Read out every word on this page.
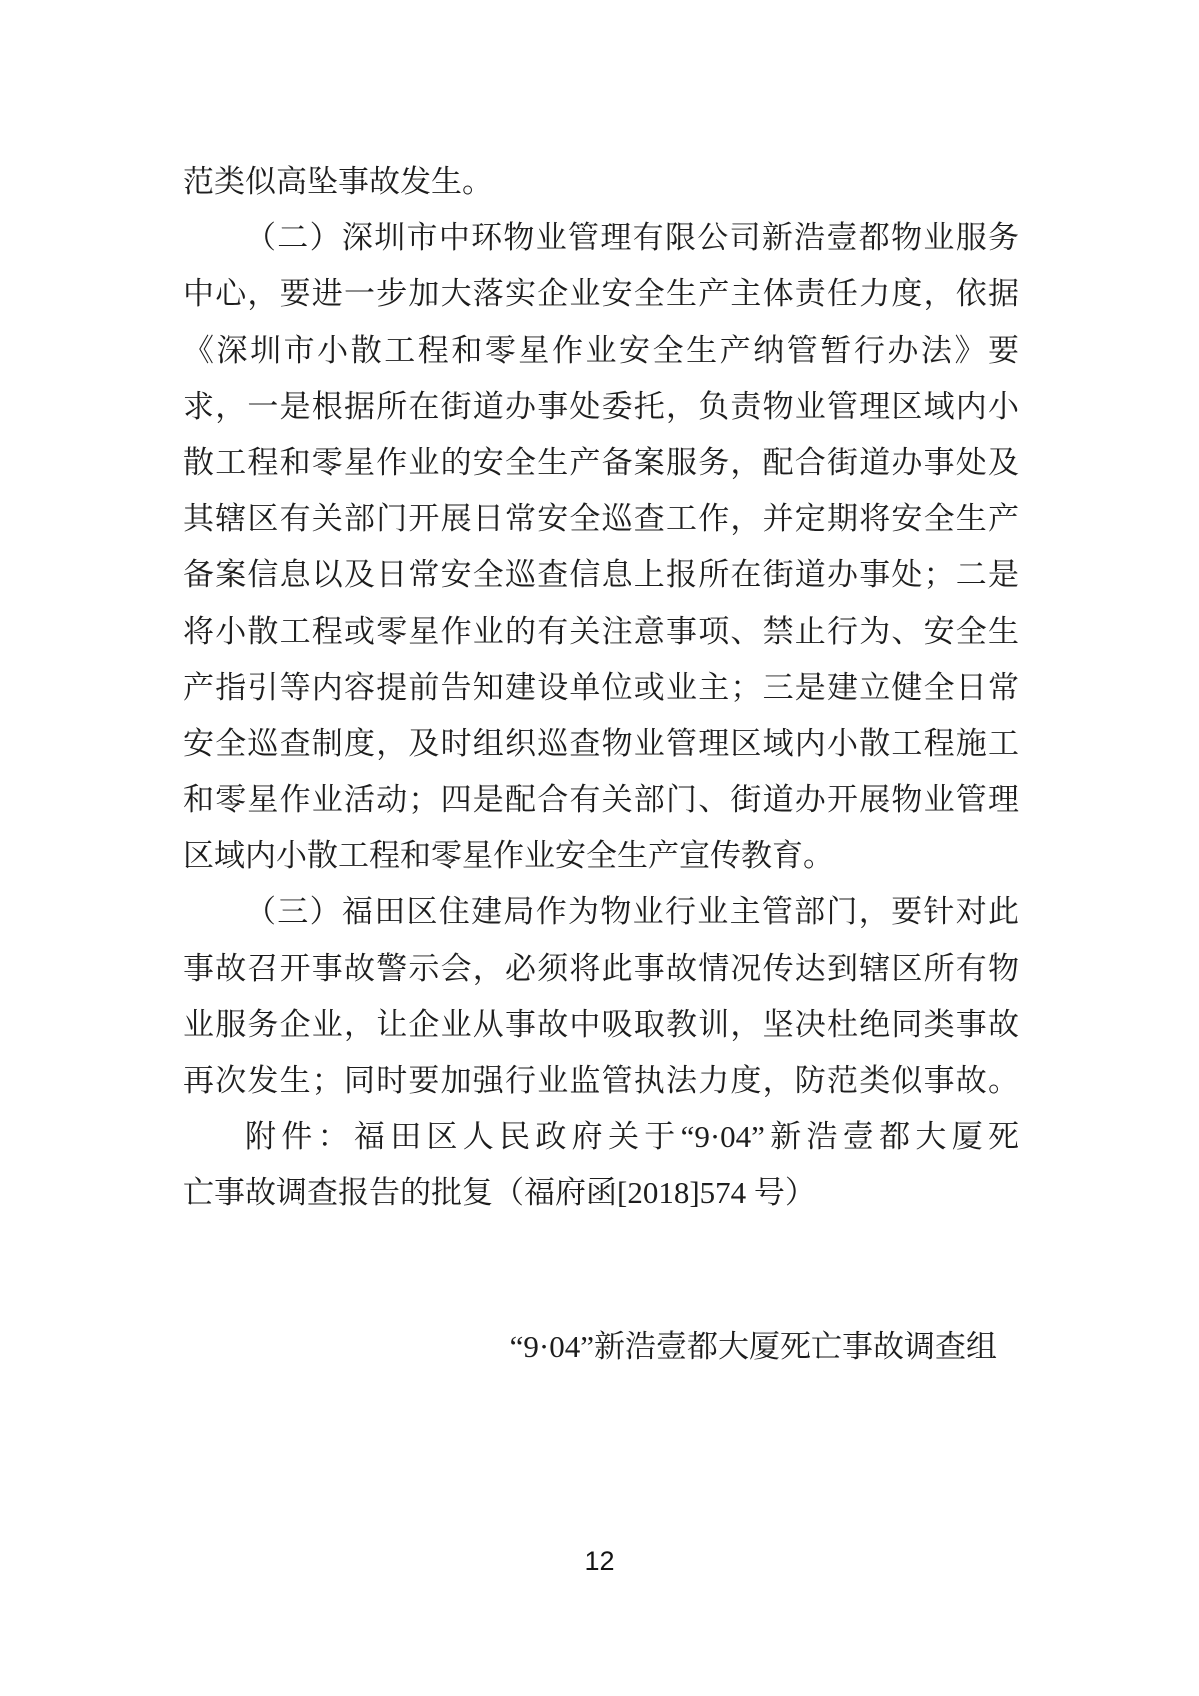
范类似高坠事故发生。
（二）深圳市中环物业管理有限公司新浩壹都物业服务
中心，要进一步加大落实企业安全生产主体责任力度，依据
《深圳市小散工程和零星作业安全生产纳管暂行办法》要
求，一是根据所在街道办事处委托，负责物业管理区域内小
散工程和零星作业的安全生产备案服务，配合街道办事处及
其辖区有关部门开展日常安全巡查工作，并定期将安全生产
备案信息以及日常安全巡查信息上报所在街道办事处；二是
将小散工程或零星作业的有关注意事项、禁止行为、安全生
产指引等内容提前告知建设单位或业主；三是建立健全日常
安全巡查制度，及时组织巡查物业管理区域内小散工程施工
和零星作业活动；四是配合有关部门、街道办开展物业管理
区域内小散工程和零星作业安全生产宣传教育。
（三）福田区住建局作为物业行业主管部门，要针对此
事故召开事故警示会，必须将此事故情况传达到辖区所有物
业服务企业，让企业从事故中吸取教训，坚决杜绝同类事故
再次发生；同时要加强行业监管执法力度，防范类似事故。
附件：福田区人民政府关于“9·04”新浩壹都大厦死
亡事故调查报告的批复（福府函[2018]574 号）
“9·04”新浩壹都大厦死亡事故调查组
12
